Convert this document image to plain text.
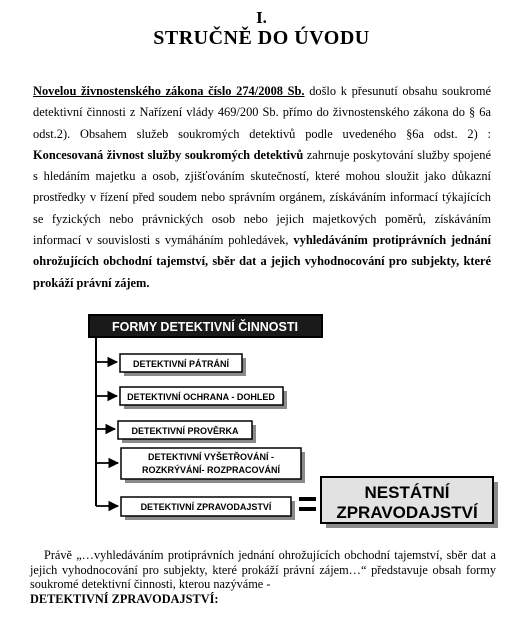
I.
STRUČNĚ DO ÚVODU
Novelou živnostenského zákona číslo 274/2008 Sb. došlo k přesunutí obsahu soukromé detektivní činnosti z Nařízení vlády 469/200 Sb. přímo do živnostenského zákona do § 6a odst.2). Obsahem služeb soukromých detektivů podle uvedeného §6a odst. 2) : Koncesovaná živnost služby soukromých detektivů zahrnuje poskytování služby spojené s hledáním majetku a osob, zjišťováním skutečností, které mohou sloužit jako důkazní prostředky v řízení před soudem nebo správním orgánem, získáváním informací týkajících se fyzických nebo právnických osob nebo jejich majetkových poměrů, získáváním informací v souvislosti s vymáháním pohledávek, vyhledáváním protiprávních jednání ohrožujících obchodní tajemství, sběr dat a jejich vyhodnocování pro subjekty, které prokáží právní zájem.
FORMY DETEKTIVNÍ ČINNOSTI
DETEKTIVNÍ PÁTRÁNÍ
DETEKTIVNÍ OCHRANA - DOHLED
DETEKTIVNÍ PROVĚRKA
DETEKTIVNÍ VYŠETŘOVÁNÍ -
ROZKRÝVÁNÍ- ROZPRACOVÁNÍ
DETEKTIVNÍ ZPRAVODAJSTVÍ
NESTÁTNÍ
ZPRAVODAJSTVÍ
Právě „…vyhledáváním protiprávních jednání ohrožujících obchodní tajemství, sběr dat a jejich vyhodnocování pro subjekty, které prokáží právní zájem…“ představuje obsah formy soukromé detektivní činnosti, kterou nazýváme -
DETEKTIVNÍ ZPRAVODAJSTVÍ:
